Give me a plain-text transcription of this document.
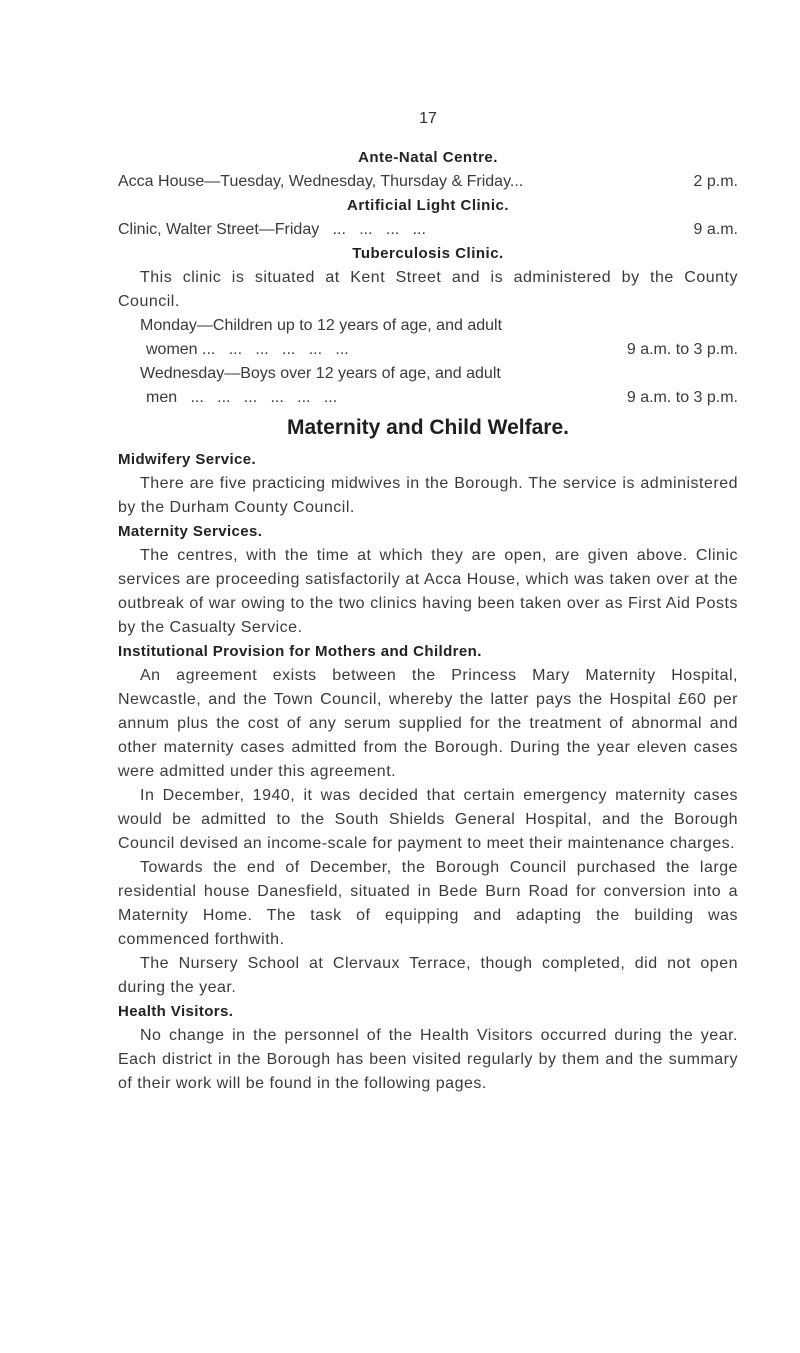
17
Ante-Natal Centre.
Acca House—Tuesday, Wednesday, Thursday & Friday...	2 p.m.
Artificial Light Clinic.
Clinic, Walter Street—Friday   ...   ...   ...   ...	9 a.m.
Tuberculosis Clinic.

This clinic is situated at Kent Street and is administered by the County Council.

Monday—Children up to 12 years of age, and adult
women ...   ...   ...   ...   ...   ...	9 a.m. to 3 p.m.
Wednesday—Boys over 12 years of age, and adult
men   ...   ...   ...   ...   ...   ...	9 a.m. to 3 p.m.
Maternity and Child Welfare.
Midwifery Service.

There are five practicing midwives in the Borough. The service is administered by the Durham County Council.

Maternity Services.

The centres, with the time at which they are open, are given above. Clinic services are proceeding satisfactorily at Acca House, which was taken over at the outbreak of war owing to the two clinics having been taken over as First Aid Posts by the Casualty Service.

Institutional Provision for Mothers and Children.

An agreement exists between the Princess Mary Maternity Hospital, Newcastle, and the Town Council, whereby the latter pays the Hospital £60 per annum plus the cost of any serum supplied for the treatment of abnormal and other maternity cases admitted from the Borough. During the year eleven cases were admitted under this agreement.

In December, 1940, it was decided that certain emergency maternity cases would be admitted to the South Shields General Hospital, and the Borough Council devised an income-scale for payment to meet their maintenance charges.

Towards the end of December, the Borough Council purchased the large residential house Danesfield, situated in Bede Burn Road for conversion into a Maternity Home. The task of equipping and adapting the building was commenced forthwith.

The Nursery School at Clervaux Terrace, though completed, did not open during the year.

Health Visitors.

No change in the personnel of the Health Visitors occurred during the year. Each district in the Borough has been visited regularly by them and the summary of their work will be found in the following pages.
